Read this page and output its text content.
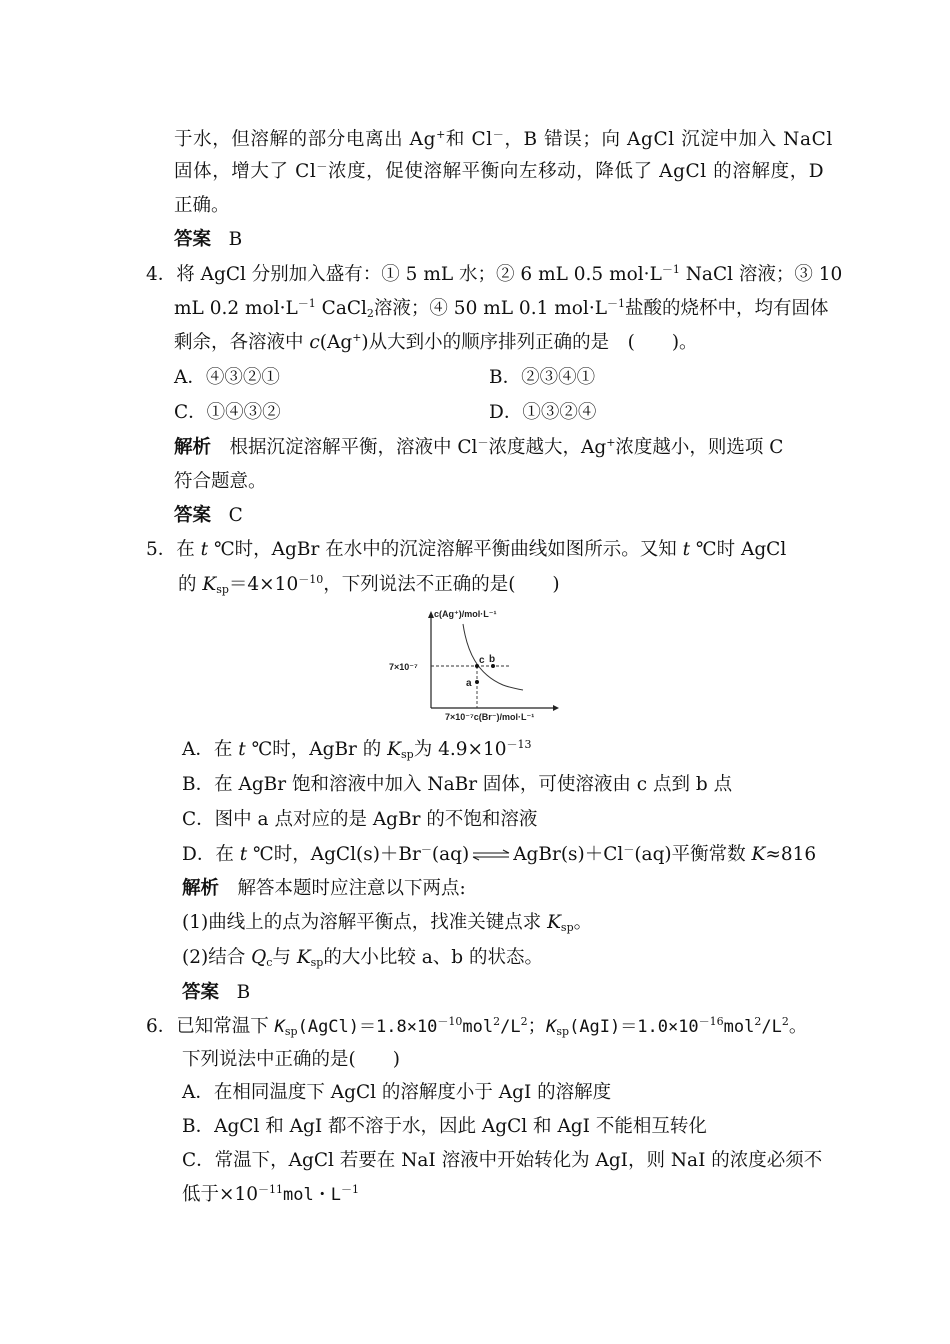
于水，但溶解的部分电离出 Ag+和 Cl－，B 错误；向 AgCl 沉淀中加入 NaCl
固体，增大了 Cl－浓度，促使溶解平衡向左移动，降低了 AgCl 的溶解度，D
正确。
答案 B
4．将 AgCl 分别加入盛有：① 5 mL 水；② 6 mL 0.5 $mol\cdot L^{-1}$ NaCl 溶液；③ 10
mL 0.2 $mol\cdot L^{-1}$ CaCl$_2$溶液；④ 50 mL 0.1 $mol\cdot L^{-1}$盐酸的烧杯中，均有固体
剩余，各溶液中 c(Ag+)从大到小的顺序排列正确的是　(　　)。
A．④③②①	B．②③④①
C．①④③②	D．①③②④
解析　根据沉淀溶解平衡，溶液中 Cl－浓度越大，Ag+浓度越小，则选项 C
符合题意。
答案 C
5．在 t ℃时，AgBr 在水中的沉淀溶解平衡曲线如图所示。又知 t ℃时 AgCl
的 $K_{sp}=4\times 10^{-10}$，下列说法不正确的是(　　)
c(Ag⁺)/mol·L⁻¹
7×10⁻⁷
c b
a
7×10⁻⁷c(Br⁻)/mol·L⁻¹
A．在 t ℃时，AgBr 的 $K_{sp}$为 $4.9\times 10^{-13}$
B．在 AgBr 饱和溶液中加入 NaBr 固体，可使溶液由 c 点到 b 点
C．图中 a 点对应的是 AgBr 的不饱和溶液
D．在 t ℃时，AgCl(s)＋Br－(aq) ⇌ AgBr(s)＋Cl－(aq)平衡常数 K≈816
解析　解答本题时应注意以下两点:
(1)曲线上的点为溶解平衡点，找准关键点求 $K_{sp}$。
(2)结合 $Q_c$与 $K_{sp}$的大小比较 a、b 的状态。
答案 B
6．已知常温下 $K_{sp}(AgCl)=1.8\times 10^{-10}mol^2/L^2$；$K_{sp}(AgI)=1.0\times 10^{-16}mol^2/L^2$。
下列说法中正确的是(　　)
A．在相同温度下 AgCl 的溶解度小于 AgI 的溶解度
B．AgCl 和 AgI 都不溶于水，因此 AgCl 和 AgI 不能相互转化
C．常温下，AgCl 若要在 NaI 溶液中开始转化为 AgI，则 NaI 的浓度必须不
低于$\times 10^{-11}mol$・$L^{-1}$
